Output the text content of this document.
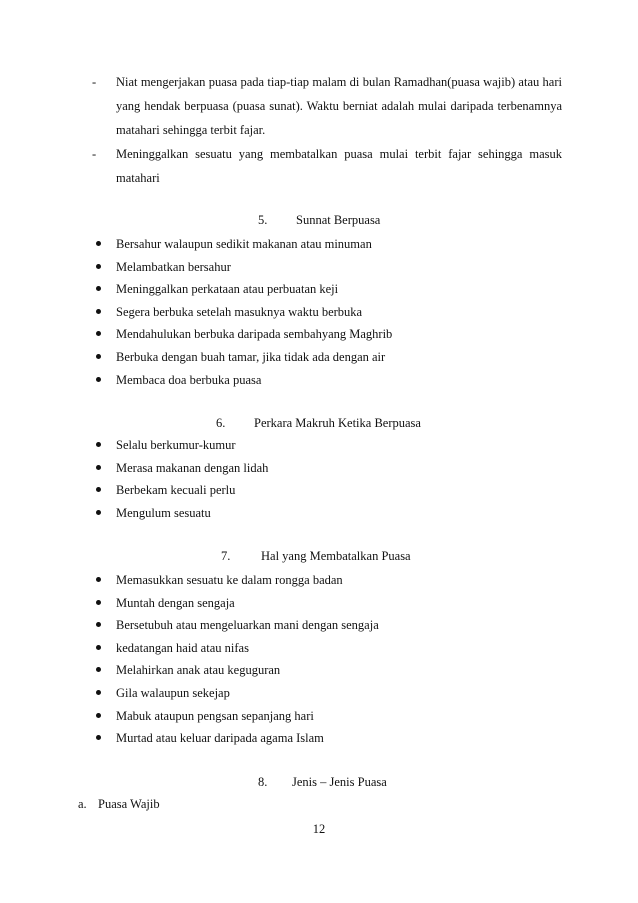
- Niat mengerjakan puasa pada tiap-tiap malam di bulan Ramadhan(puasa wajib) atau hari yang hendak berpuasa (puasa sunat). Waktu berniat adalah mulai daripada terbenamnya matahari sehingga terbit fajar.
- Meninggalkan sesuatu yang membatalkan puasa mulai terbit fajar sehingga masuk matahari
5. Sunnat Berpuasa
Bersahur walaupun sedikit makanan atau minuman
Melambatkan bersahur
Meninggalkan perkataan atau perbuatan keji
Segera berbuka setelah masuknya waktu berbuka
Mendahulukan berbuka daripada sembahyang Maghrib
Berbuka dengan buah tamar, jika tidak ada dengan air
Membaca doa berbuka puasa
6. Perkara Makruh Ketika Berpuasa
Selalu berkumur-kumur
Merasa makanan dengan lidah
Berbekam kecuali perlu
Mengulum sesuatu
7. Hal yang Membatalkan Puasa
Memasukkan sesuatu ke dalam rongga badan
Muntah dengan sengaja
Bersetubuh atau mengeluarkan mani dengan sengaja
kedatangan haid atau nifas
Melahirkan anak atau keguguran
Gila walaupun sekejap
Mabuk ataupun pengsan sepanjang hari
Murtad atau keluar daripada agama Islam
8. Jenis – Jenis Puasa
a. Puasa Wajib
12
